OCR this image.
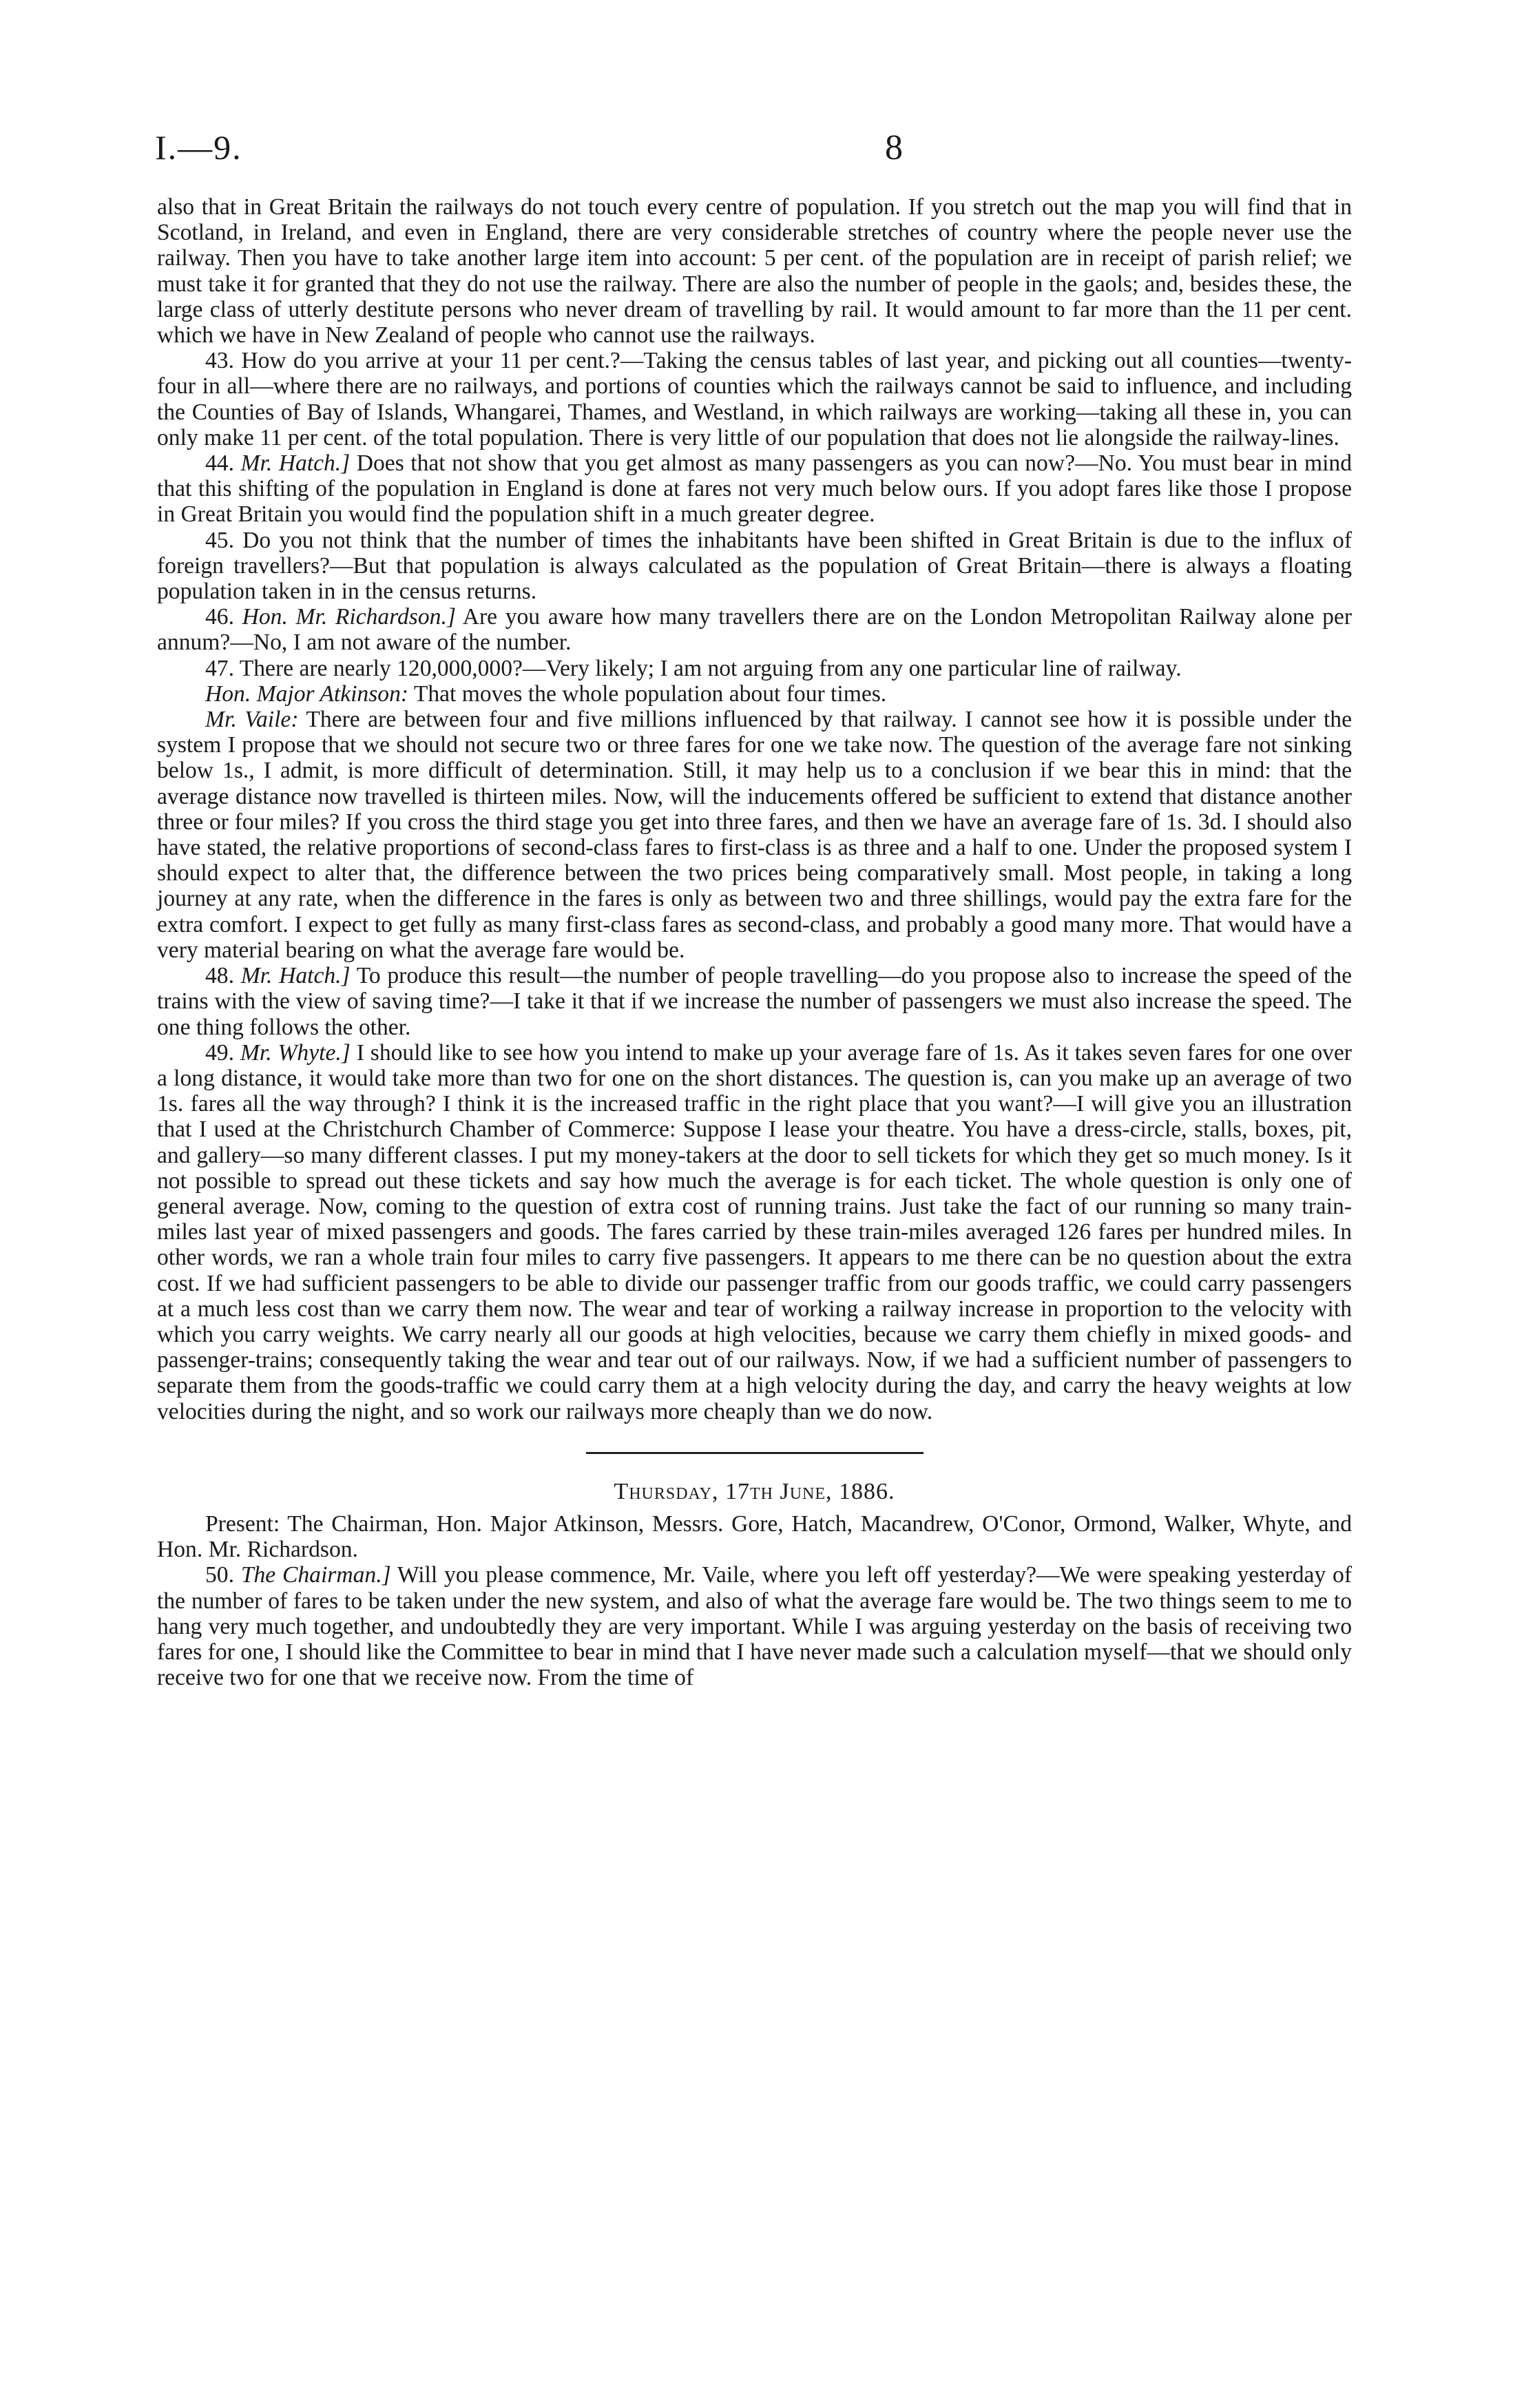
I.—9.	8

also that in Great Britain the railways do not touch every centre of population. If you stretch out the map you will find that in Scotland, in Ireland, and even in England, there are very considerable stretches of country where the people never use the railway. Then you have to take another large item into account: 5 per cent. of the population are in receipt of parish relief; we must take it for granted that they do not use the railway. There are also the number of people in the gaols; and, besides these, the large class of utterly destitute persons who never dream of travelling by rail. It would amount to far more than the 11 per cent. which we have in New Zealand of people who cannot use the railways.

43. How do you arrive at your 11 per cent.?—Taking the census tables of last year, and picking out all counties—twenty-four in all—where there are no railways, and portions of counties which the railways cannot be said to influence, and including the Counties of Bay of Islands, Whangarei, Thames, and Westland, in which railways are working—taking all these in, you can only make 11 per cent. of the total population. There is very little of our population that does not lie alongside the railway-lines.

44. Mr. Hatch.] Does that not show that you get almost as many passengers as you can now?—No. You must bear in mind that this shifting of the population in England is done at fares not very much below ours. If you adopt fares like those I propose in Great Britain you would find the population shift in a much greater degree.

45. Do you not think that the number of times the inhabitants have been shifted in Great Britain is due to the influx of foreign travellers?—But that population is always calculated as the population of Great Britain—there is always a floating population taken in in the census returns.

46. Hon. Mr. Richardson.] Are you aware how many travellers there are on the London Metropolitan Railway alone per annum?—No, I am not aware of the number.

47. There are nearly 120,000,000?—Very likely; I am not arguing from any one particular line of railway.

Hon. Major Atkinson: That moves the whole population about four times.

Mr. Vaile: There are between four and five millions influenced by that railway. I cannot see how it is possible under the system I propose that we should not secure two or three fares for one we take now. The question of the average fare not sinking below 1s., I admit, is more difficult of determination. Still, it may help us to a conclusion if we bear this in mind: that the average distance now travelled is thirteen miles. Now, will the inducements offered be sufficient to extend that distance another three or four miles? If you cross the third stage you get into three fares, and then we have an average fare of 1s. 3d. I should also have stated, the relative proportions of second-class fares to first-class is as three and a half to one. Under the proposed system I should expect to alter that, the difference between the two prices being comparatively small. Most people, in taking a long journey at any rate, when the difference in the fares is only as between two and three shillings, would pay the extra fare for the extra comfort. I expect to get fully as many first-class fares as second-class, and probably a good many more. That would have a very material bearing on what the average fare would be.

48. Mr. Hatch.] To produce this result—the number of people travelling—do you propose also to increase the speed of the trains with the view of saving time?—I take it that if we increase the number of passengers we must also increase the speed. The one thing follows the other.

49. Mr. Whyte.] I should like to see how you intend to make up your average fare of 1s. As it takes seven fares for one over a long distance, it would take more than two for one on the short distances. The question is, can you make up an average of two 1s. fares all the way through? I think it is the increased traffic in the right place that you want?—I will give you an illustration that I used at the Christchurch Chamber of Commerce: Suppose I lease your theatre. You have a dress-circle, stalls, boxes, pit, and gallery—so many different classes. I put my money-takers at the door to sell tickets for which they get so much money. Is it not possible to spread out these tickets and say how much the average is for each ticket. The whole question is only one of general average. Now, coming to the question of extra cost of running trains. Just take the fact of our running so many train-miles last year of mixed passengers and goods. The fares carried by these train-miles averaged 126 fares per hundred miles. In other words, we ran a whole train four miles to carry five passengers. It appears to me there can be no question about the extra cost. If we had sufficient passengers to be able to divide our passenger traffic from our goods traffic, we could carry passengers at a much less cost than we carry them now. The wear and tear of working a railway increase in proportion to the velocity with which you carry weights. We carry nearly all our goods at high velocities, because we carry them chiefly in mixed goods- and passenger-trains; consequently taking the wear and tear out of our railways. Now, if we had a sufficient number of passengers to separate them from the goods-traffic we could carry them at a high velocity during the day, and carry the heavy weights at low velocities during the night, and so work our railways more cheaply than we do now.

Thursday, 17th June, 1886.

Present: The Chairman, Hon. Major Atkinson, Messrs. Gore, Hatch, Macandrew, O'Conor, Ormond, Walker, Whyte, and Hon. Mr. Richardson.

50. The Chairman.] Will you please commence, Mr. Vaile, where you left off yesterday?—We were speaking yesterday of the number of fares to be taken under the new system, and also of what the average fare would be. The two things seem to me to hang very much together, and undoubtedly they are very important. While I was arguing yesterday on the basis of receiving two fares for one, I should like the Committee to bear in mind that I have never made such a calculation myself—that we should only receive two for one that we receive now. From the time of
